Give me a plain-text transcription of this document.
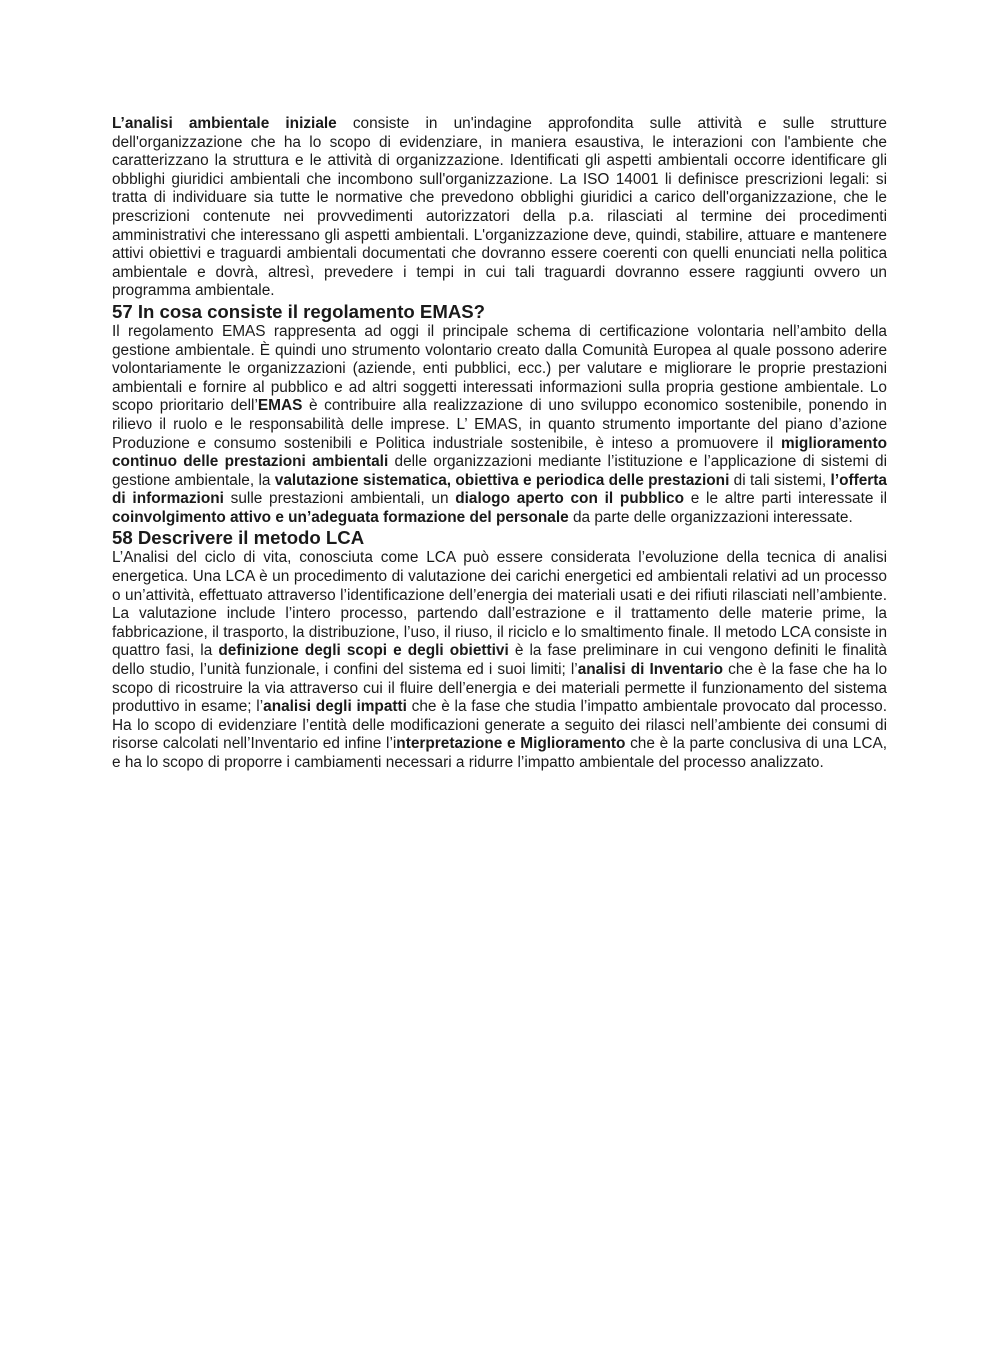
L’analisi ambientale iniziale consiste in un'indagine approfondita sulle attività e sulle strutture dell'organizzazione che ha lo scopo di evidenziare, in maniera esaustiva, le interazioni con l'ambiente che caratterizzano la struttura e le attività di organizzazione. Identificati gli aspetti ambientali occorre identificare gli obblighi giuridici ambientali che incombono sull'organizzazione. La ISO 14001 li definisce prescrizioni legali: si tratta di individuare sia tutte le normative che prevedono obblighi giuridici a carico dell'organizzazione, che le prescrizioni contenute nei provvedimenti autorizzatori della p.a. rilasciati al termine dei procedimenti amministrativi che interessano gli aspetti ambientali. L'organizzazione deve, quindi, stabilire, attuare e mantenere attivi obiettivi e traguardi ambientali documentati che dovranno essere coerenti con quelli enunciati nella politica ambientale e dovrà, altresì, prevedere i tempi in cui tali traguardi dovranno essere raggiunti ovvero un programma ambientale.

57 In cosa consiste il regolamento EMAS?

Il regolamento EMAS rappresenta ad oggi il principale schema di certificazione volontaria nell’ambito della gestione ambientale. È quindi uno strumento volontario creato dalla Comunità Europea al quale possono aderire volontariamente le organizzazioni (aziende, enti pubblici, ecc.) per valutare e migliorare le proprie prestazioni ambientali e fornire al pubblico e ad altri soggetti interessati informazioni sulla propria gestione ambientale. Lo scopo prioritario dell’EMAS è contribuire alla realizzazione di uno sviluppo economico sostenibile, ponendo in rilievo il ruolo e le responsabilità delle imprese. L’ EMAS, in quanto strumento importante del piano d’azione Produzione e consumo sostenibili e Politica industriale sostenibile, è inteso a promuovere il miglioramento continuo delle prestazioni ambientali delle organizzazioni mediante l’istituzione e l’applicazione di sistemi di gestione ambientale, la valutazione sistematica, obiettiva e periodica delle prestazioni di tali sistemi, l’offerta di informazioni sulle prestazioni ambientali, un dialogo aperto con il pubblico e le altre parti interessate il coinvolgimento attivo e un’adeguata formazione del personale da parte delle organizzazioni interessate.

58 Descrivere il metodo LCA

L’Analisi del ciclo di vita, conosciuta come LCA può essere considerata l’evoluzione della tecnica di analisi energetica. Una LCA è un procedimento di valutazione dei carichi energetici ed ambientali relativi ad un processo o un’attività, effettuato attraverso l’identificazione dell’energia dei materiali usati e dei rifiuti rilasciati nell’ambiente. La valutazione include l’intero processo, partendo dall’estrazione e il trattamento delle materie prime, la fabbricazione, il trasporto, la distribuzione, l’uso, il riuso, il riciclo e lo smaltimento finale. Il metodo LCA consiste in quattro fasi, la definizione degli scopi e degli obiettivi è la fase preliminare in cui vengono definiti le finalità dello studio, l’unità funzionale, i confini del sistema ed i suoi limiti; l’analisi di Inventario che è la fase che ha lo scopo di ricostruire la via attraverso cui il fluire dell’energia e dei materiali permette il funzionamento del sistema produttivo in esame; l’analisi degli impatti che è la fase che studia l’impatto ambientale provocato dal processo. Ha lo scopo di evidenziare l’entità delle modificazioni generate a seguito dei rilasci nell’ambiente dei consumi di risorse calcolati nell’Inventario ed infine l’interpretazione e Miglioramento che è la parte conclusiva di una LCA, e ha lo scopo di proporre i cambiamenti necessari a ridurre l’impatto ambientale del processo analizzato.
